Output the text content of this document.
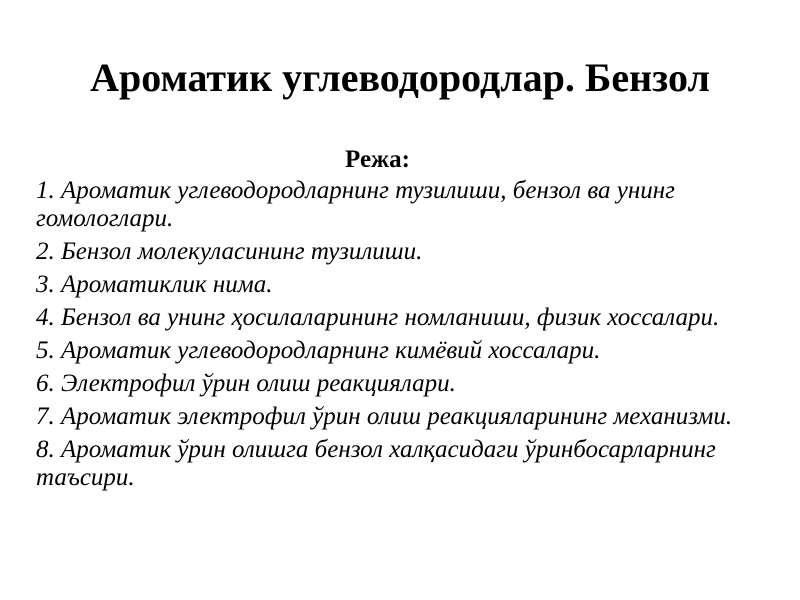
Ароматик углеводородлар. Бензол
Режа:
1. Ароматик углеводородларнинг тузилиши, бензол ва унинг гомологлари.
2. Бензол молекуласининг тузилиши.
3. Ароматиклик нима.
4. Бензол ва унинг ҳосилаларининг номланиши, физик хоссалари.
5. Ароматик углеводородларнинг кимёвий хоссалари.
6. Электрофил ўрин олиш реакциялари.
7. Ароматик электрофил ўрин олиш реакцияларининг механизми.
8. Ароматик ўрин олишга бензол халқасидаги ўринбосарларнинг таъсири.
